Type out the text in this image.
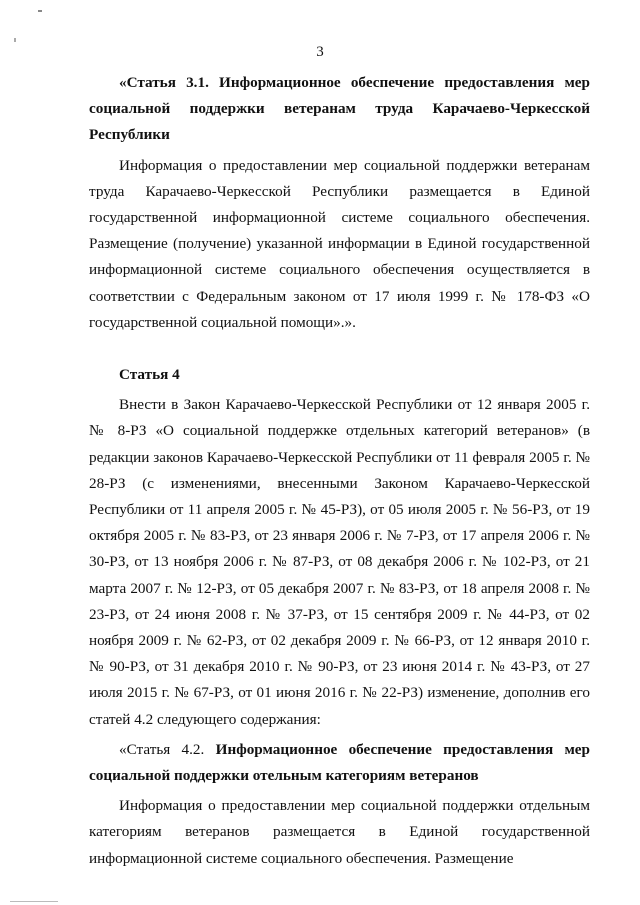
3

«Статья 3.1. Информационное обеспечение предоставления мер социальной поддержки ветеранам труда Карачаево-Черкесской Республики

Информация о предоставлении мер социальной поддержки ветеранам труда Карачаево-Черкесской Республики размещается в Единой государственной информационной системе социального обеспечения. Размещение (получение) указанной информации в Единой государственной информационной системе социального обеспечения осуществляется в соответствии с Федеральным законом от 17 июля 1999 г. № 178-ФЗ «О государственной социальной помощи».».

Статья 4

Внести в Закон Карачаево-Черкесской Республики от 12 января 2005 г. № 8-РЗ «О социальной поддержке отдельных категорий ветеранов» (в редакции законов Карачаево-Черкесской Республики от 11 февраля 2005 г. № 28-РЗ (с изменениями, внесенными Законом Карачаево-Черкесской Республики от 11 апреля 2005 г. № 45-РЗ), от 05 июля 2005 г. № 56-РЗ, от 19 октября 2005 г. № 83-РЗ, от 23 января 2006 г. № 7-РЗ, от 17 апреля 2006 г. № 30-РЗ, от 13 ноября 2006 г. № 87-РЗ, от 08 декабря 2006 г. № 102-РЗ, от 21 марта 2007 г. № 12-РЗ, от 05 декабря 2007 г. № 83-РЗ, от 18 апреля 2008 г. № 23-РЗ, от 24 июня 2008 г. № 37-РЗ, от 15 сентября 2009 г. № 44-РЗ, от 02 ноября 2009 г. № 62-РЗ, от 02 декабря 2009 г. № 66-РЗ, от 12 января 2010 г. № 90-РЗ, от 31 декабря 2010 г. № 90-РЗ, от 23 июня 2014 г. № 43-РЗ, от 27 июля 2015 г. № 67-РЗ, от 01 июня 2016 г. № 22-РЗ) изменение, дополнив его статей 4.2 следующего содержания:

«Статья 4.2. Информационное обеспечение предоставления мер социальной поддержки отельным категориям ветеранов

Информация о предоставлении мер социальной поддержки отдельным категориям ветеранов размещается в Единой государственной информационной системе социального обеспечения. Размещение
